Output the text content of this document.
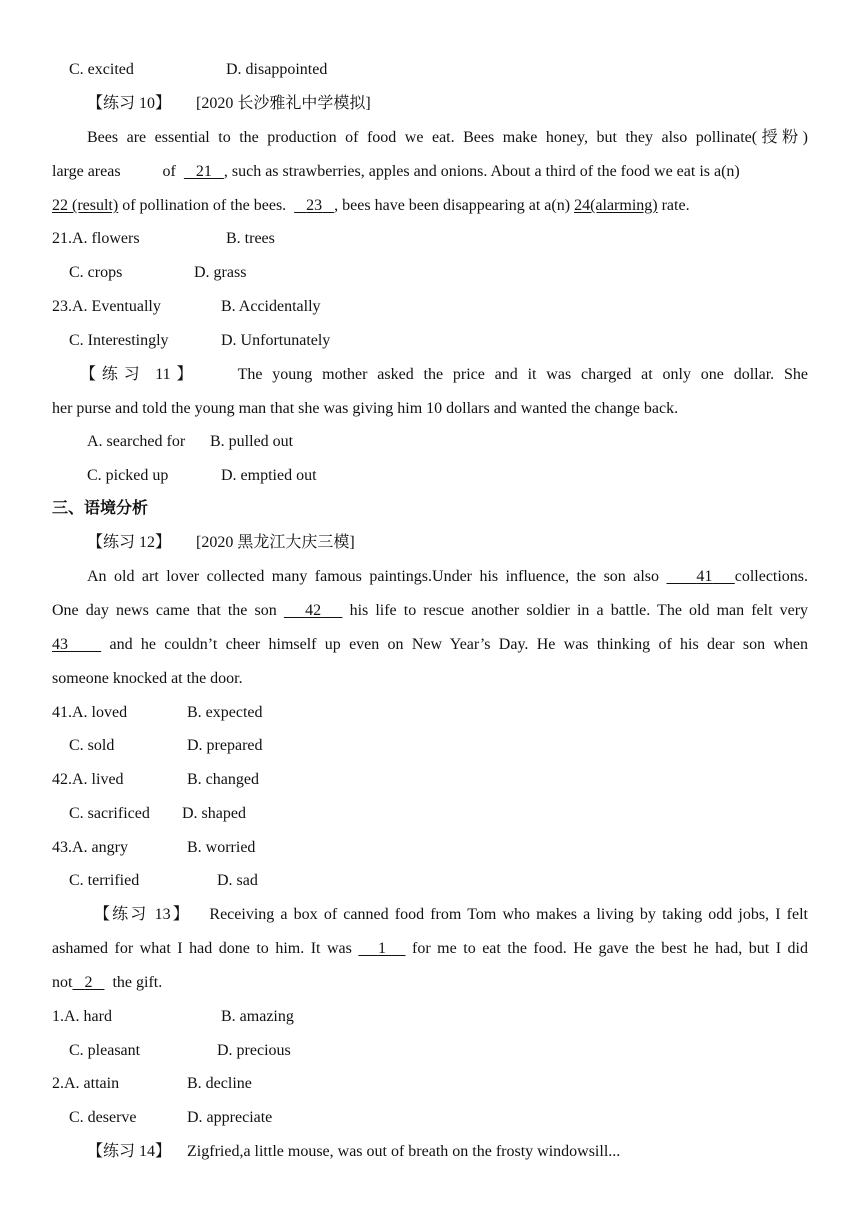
C. excited	D. disappointed
【练习 10】 [2020 长沙雅礼中学模拟]
Bees are essential to the production of food we eat. Bees make honey, but they also pollinate(授粉)
large areas	of 21 , such as strawberries, apples and onions. About a third of the food we eat is a(n)
22 (result) of pollination of the bees. 23 , bees have been disappearing at a(n) 24(alarming) rate.
21.A. flowers	B. trees
C. crops	D. grass
23.A. Eventually	B. Accidentally
C. Interestingly	D. Unfortunately
【练习 11】 The young mother asked the price and it was charged at only one dollar. She
her purse and told the young man that she was giving him 10 dollars and wanted the change back.
A. searched for B. pulled out
C. picked up	D. emptied out
三、语境分析
【练习 12】 [2020 黑龙江大庆三模]
An old art lover collected many famous paintings.Under his influence, the son also 41 collections.
One day news came that the son 42 his life to rescue another soldier in a battle. The old man felt very
43	and he couldn’t cheer himself up even on New Year’s Day. He was thinking of his dear son when
someone knocked at the door.
41.A. loved	B. expected
C. sold	D. prepared
42.A. lived	B. changed
C. sacrificed D. shaped
43.A. angry	B. worried
C. terrified	D. sad
【练习 13】 Receiving a box of canned food from Tom who makes a living by taking odd jobs, I felt
ashamed for what I had done to him. It was 1 for me to eat the food. He gave the best he had, but I did
not 2 the gift.
1.A. hard	B. amazing
C. pleasant	D. precious
2.A. attain	B. decline
C. deserve	D. appreciate
【练习 14】 Zigfried,a little mouse, was out of breath on the frosty windowsill...
